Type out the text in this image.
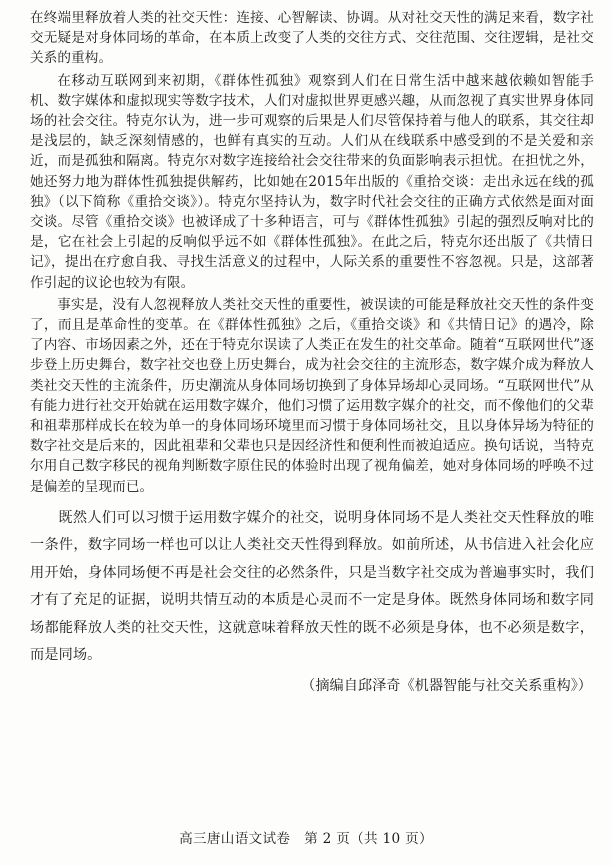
在终端里释放着人类的社交天性：连接、心智解读、协调。从对社交天性的满足来看，数字社交无疑是对身体同场的革命，在本质上改变了人类的交往方式、交往范围、交往逻辑，是社交关系的重构。

在移动互联网到来初期，《群体性孤独》观察到人们在日常生活中越来越依赖如智能手机、数字媒体和虚拟现实等数字技术，人们对虚拟世界更感兴趣，从而忽视了真实世界身体同场的社会交往。特克尔认为，进一步可观察的后果是人们尽管保持着与他人的联系，其交往却是浅层的，缺乏深刻情感的，也鲜有真实的互动。人们从在线联系中感受到的不是关爱和亲近，而是孤独和隔离。特克尔对数字连接给社会交往带来的负面影响表示担忧。在担忧之外，她还努力地为群体性孤独提供解药，比如她在2015年出版的《重拾交谈：走出永远在线的孤独》（以下简称《重拾交谈》）。特克尔坚持认为，数字时代社会交往的正确方式依然是面对面交谈。尽管《重拾交谈》也被译成了十多种语言，可与《群体性孤独》引起的强烈反响对比的是，它在社会上引起的反响似乎远不如《群体性孤独》。在此之后，特克尔还出版了《共情日记》，提出在疗愈自我、寻找生活意义的过程中，人际关系的重要性不容忽视。只是，这部著作引起的议论也较为有限。

事实是，没有人忽视释放人类社交天性的重要性，被误读的可能是释放社交天性的条件变了，而且是革命性的变革。在《群体性孤独》之后，《重拾交谈》和《共情日记》的遇冷，除了内容、市场因素之外，还在于特克尔误读了人类正在发生的社交革命。随着“互联网世代”逐步登上历史舞台，数字社交也登上历史舞台，成为社会交往的主流形态，数字媒介成为释放人类社交天性的主流条件，历史潮流从身体同场切换到了身体异场却心灵同场。“互联网世代”从有能力进行社交开始就在运用数字媒介，他们习惯了运用数字媒介的社交，而不像他们的父辈和祖辈那样成长在较为单一的身体同场环境里而习惯于身体同场社交，且以身体异场为特征的数字社交是后来的，因此祖辈和父辈也只是因经济性和便利性而被迫适应。换句话说，当特克尔用自己数字移民的视角判断数字原住民的体验时出现了视角偏差，她对身体同场的呼唤不过是偏差的呈现而已。

既然人们可以习惯于运用数字媒介的社交，说明身体同场不是人类社交天性释放的唯一条件，数字同场一样也可以让人类社交天性得到释放。如前所述，从书信进入社会化应用开始，身体同场便不再是社会交往的必然条件，只是当数字社交成为普遍事实时，我们才有了充足的证据，说明共情互动的本质是心灵而不一定是身体。既然身体同场和数字同场都能释放人类的社交天性，这就意味着释放天性的既不必须是身体，也不必须是数字，而是同场。

（摘编自邱泽奇《机器智能与社交关系重构》）

高三唐山语文试卷　第 2 页（共 10 页）
